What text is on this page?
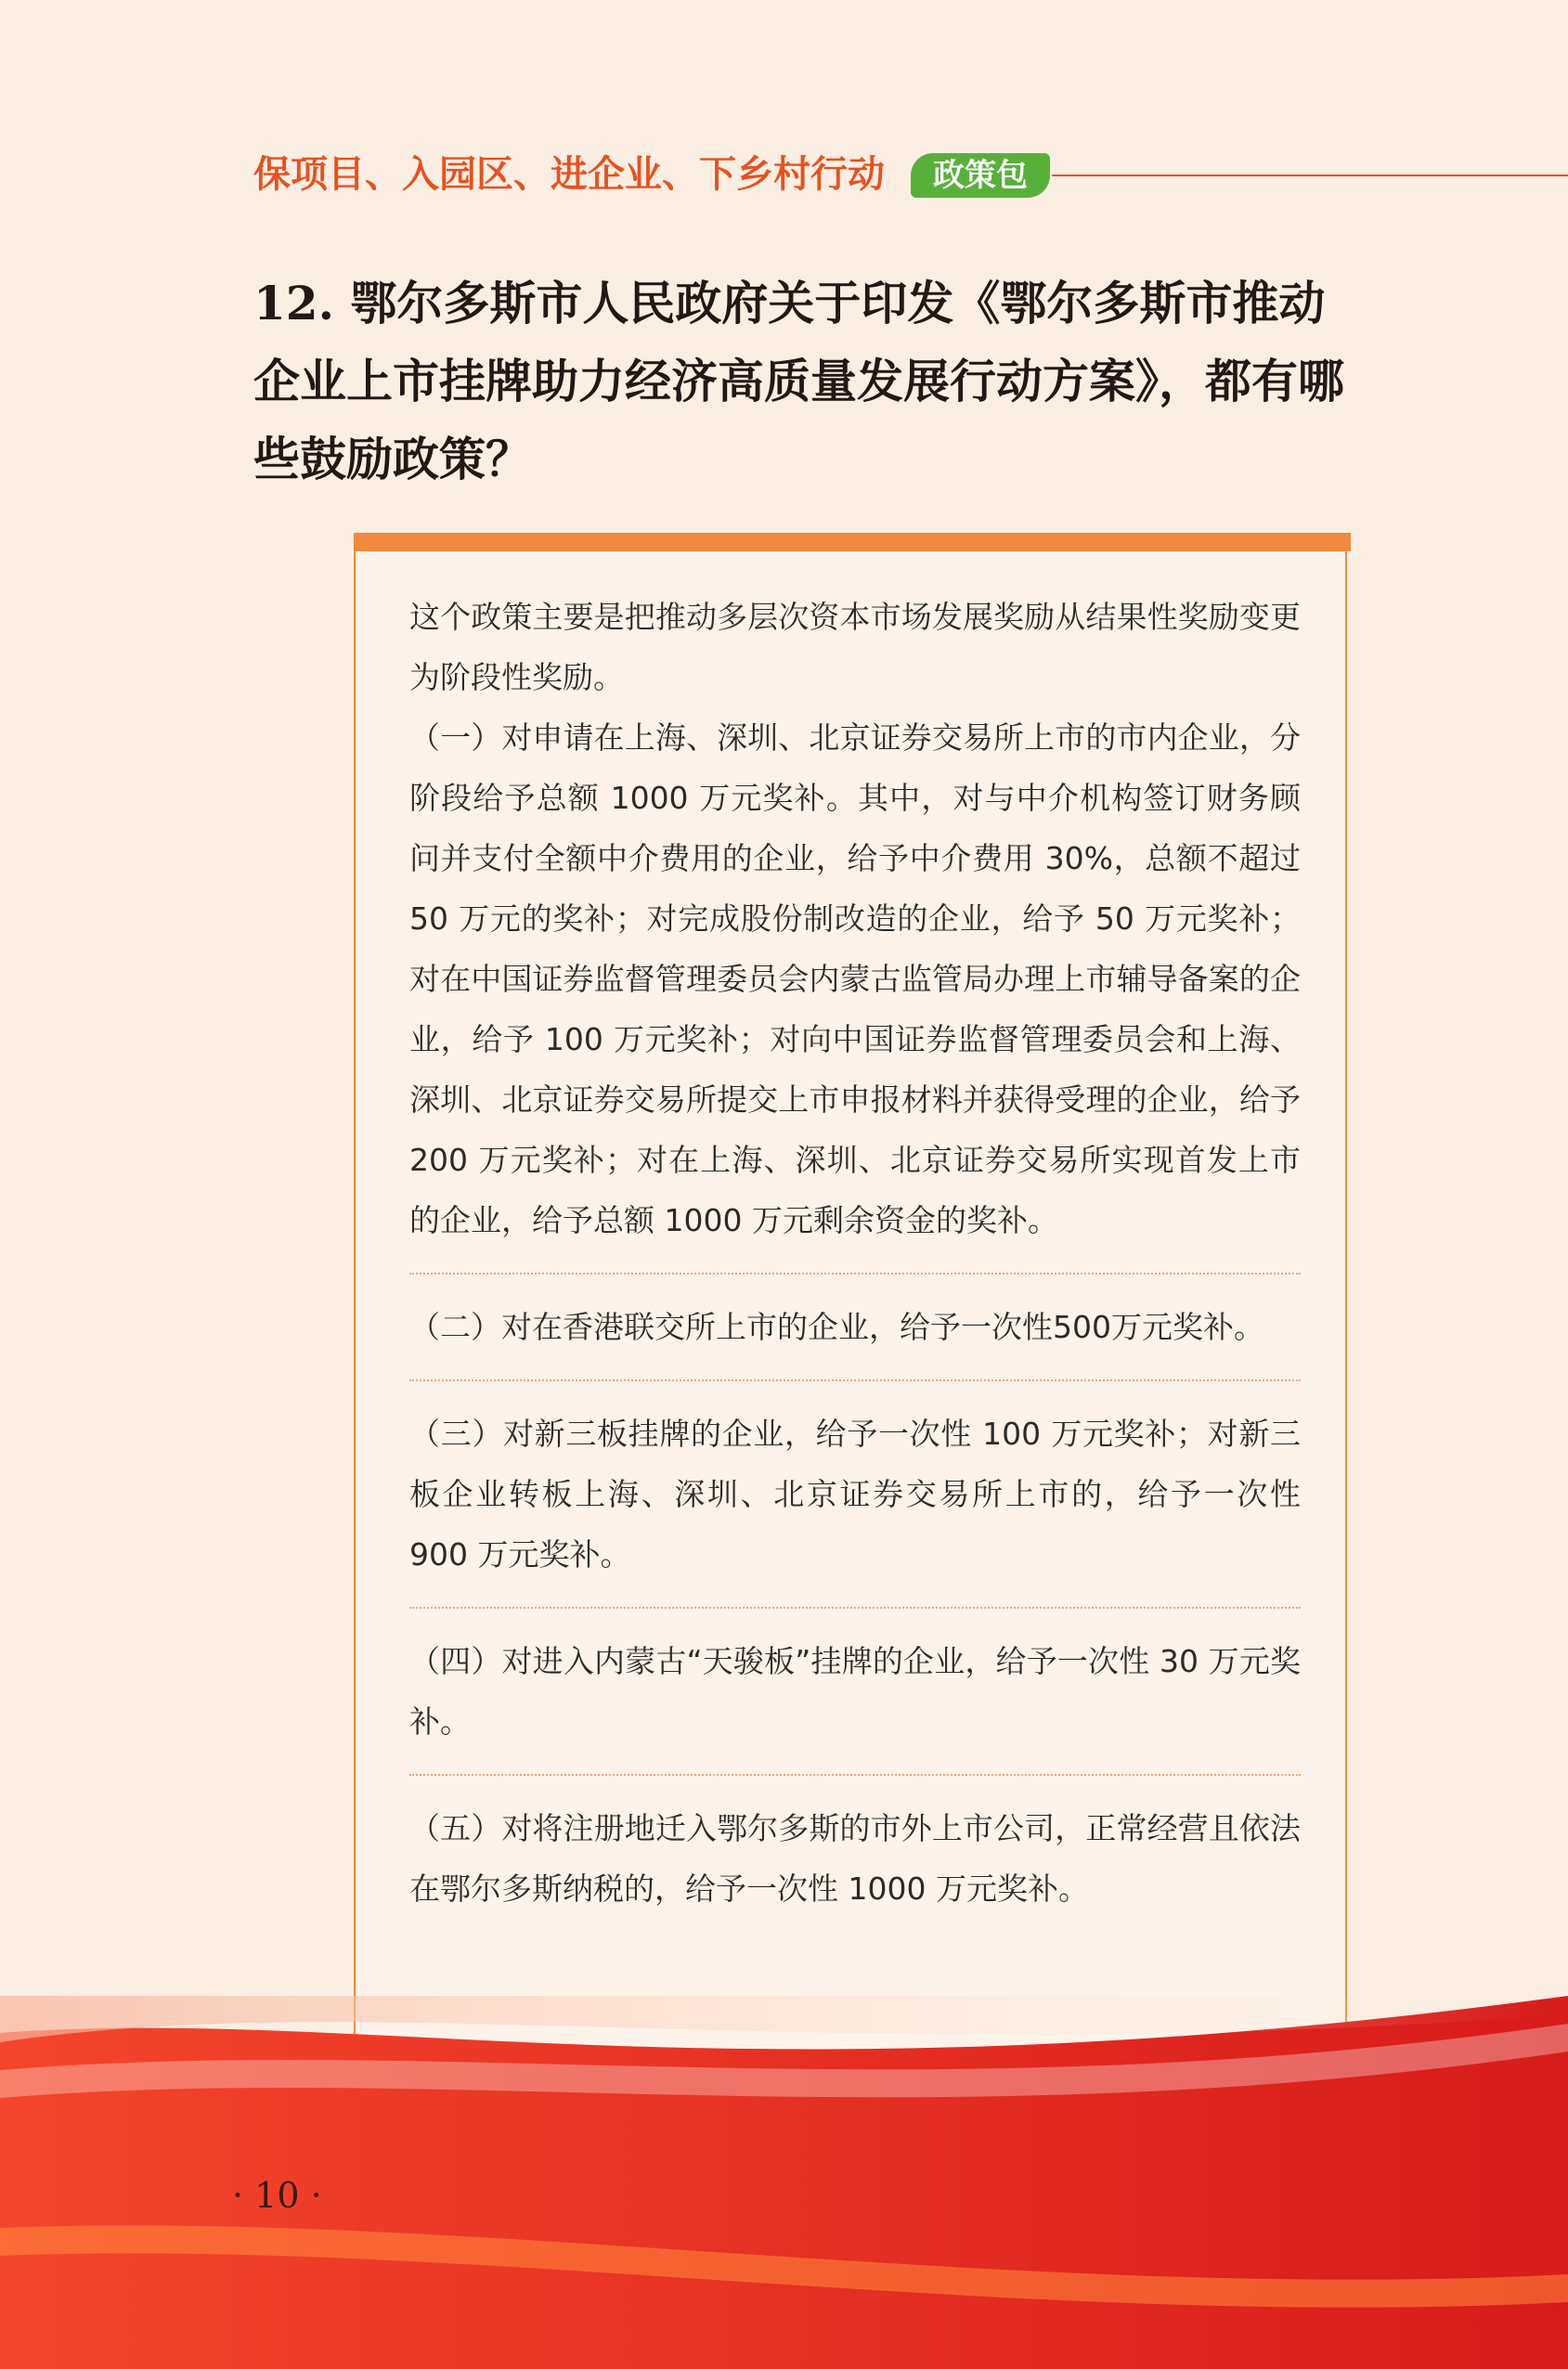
保项目、入园区、进企业、下乡村行动	政策包
12. 鄂尔多斯市人民政府关于印发《鄂尔多斯市推动企业上市挂牌助力经济高质量发展行动方案》，都有哪些鼓励政策？

这个政策主要是把推动多层次资本市场发展奖励从结果性奖励变更为阶段性奖励。

（一）对申请在上海、深圳、北京证券交易所上市的市内企业，分阶段给予总额 1000 万元奖补。其中，对与中介机构签订财务顾问并支付全额中介费用的企业，给予中介费用 30%，总额不超过 50 万元的奖补；对完成股份制改造的企业，给予 50 万元奖补；对在中国证券监督管理委员会内蒙古监管局办理上市辅导备案的企业，给予 100 万元奖补；对向中国证券监督管理委员会和上海、深圳、北京证券交易所提交上市申报材料并获得受理的企业，给予 200 万元奖补；对在上海、深圳、北京证券交易所实现首发上市的企业，给予总额 1000 万元剩余资金的奖补。

（二）对在香港联交所上市的企业，给予一次性500万元奖补。

（三）对新三板挂牌的企业，给予一次性 100 万元奖补；对新三板企业转板上海、深圳、北京证券交易所上市的，给予一次性 900 万元奖补。

（四）对进入内蒙古“天骏板”挂牌的企业，给予一次性 30 万元奖补。

（五）对将注册地迁入鄂尔多斯的市外上市公司，正常经营且依法在鄂尔多斯纳税的，给予一次性 1000 万元奖补。

· 10 ·
